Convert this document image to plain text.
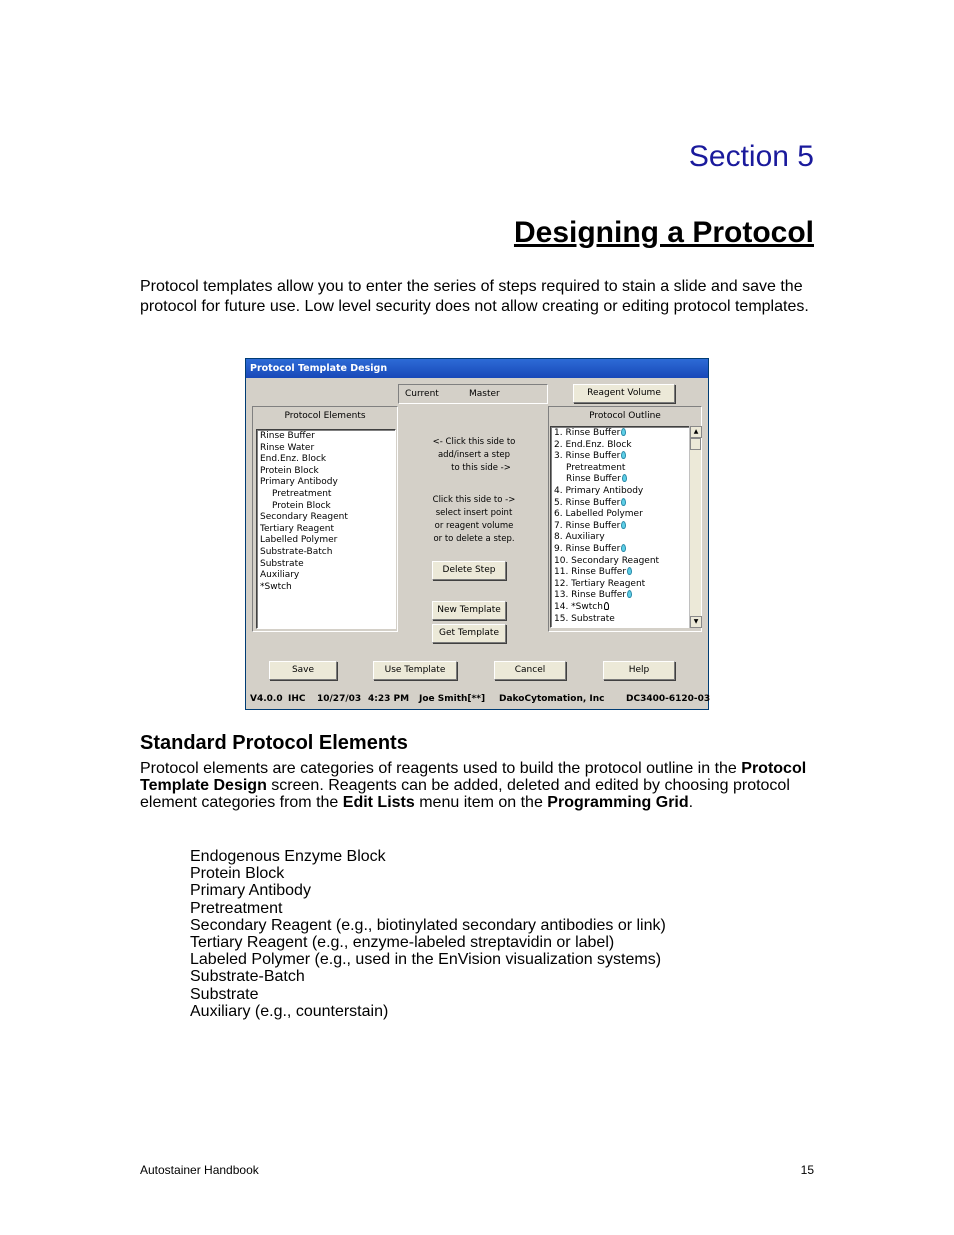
Section 5
Designing a Protocol

Protocol templates allow you to enter the series of steps required to stain a slide and save the protocol for future use. Low level security does not allow creating or editing protocol templates.

Protocol Template Design
Current	Master	Reagent Volume
Protocol Elements
Rinse Buffer
Rinse Water
End.Enz. Block
Protein Block
Primary Antibody
Pretreatment
Protein Block
Secondary Reagent
Tertiary Reagent
Labelled Polymer
Substrate-Batch
Substrate
Auxiliary
*Swtch
<- Click this side to
add/insert a step
to this side ->
Click this side to ->
select insert point
or reagent volume
or to delete a step.
Delete Step
New Template
Get Template
Protocol Outline
1. Rinse Buffer
2. End.Enz. Block
3. Rinse Buffer
Pretreatment
Rinse Buffer
4. Primary Antibody
5. Rinse Buffer
6. Labelled Polymer
7. Rinse Buffer
8. Auxiliary
9. Rinse Buffer
10. Secondary Reagent
11. Rinse Buffer
12. Tertiary Reagent
13. Rinse Buffer
14. *Swtch
15. Substrate
▲
▼
Save	Use Template	Cancel	Help
V4.0.0 IHC 10/27/03 4:23 PM Joe Smith[**] DakoCytomation, Inc DC3400-6120-03
Standard Protocol Elements

Protocol elements are categories of reagents used to build the protocol outline in the Protocol Template Design screen. Reagents can be added, deleted and edited by choosing protocol element categories from the Edit Lists menu item on the Programming Grid.

Endogenous Enzyme Block
Protein Block
Primary Antibody
Pretreatment
Secondary Reagent (e.g., biotinylated secondary antibodies or link)
Tertiary Reagent (e.g., enzyme-labeled streptavidin or label)
Labeled Polymer (e.g., used in the EnVision visualization systems)
Substrate-Batch
Substrate
Auxiliary (e.g., counterstain)
Autostainer Handbook	15
